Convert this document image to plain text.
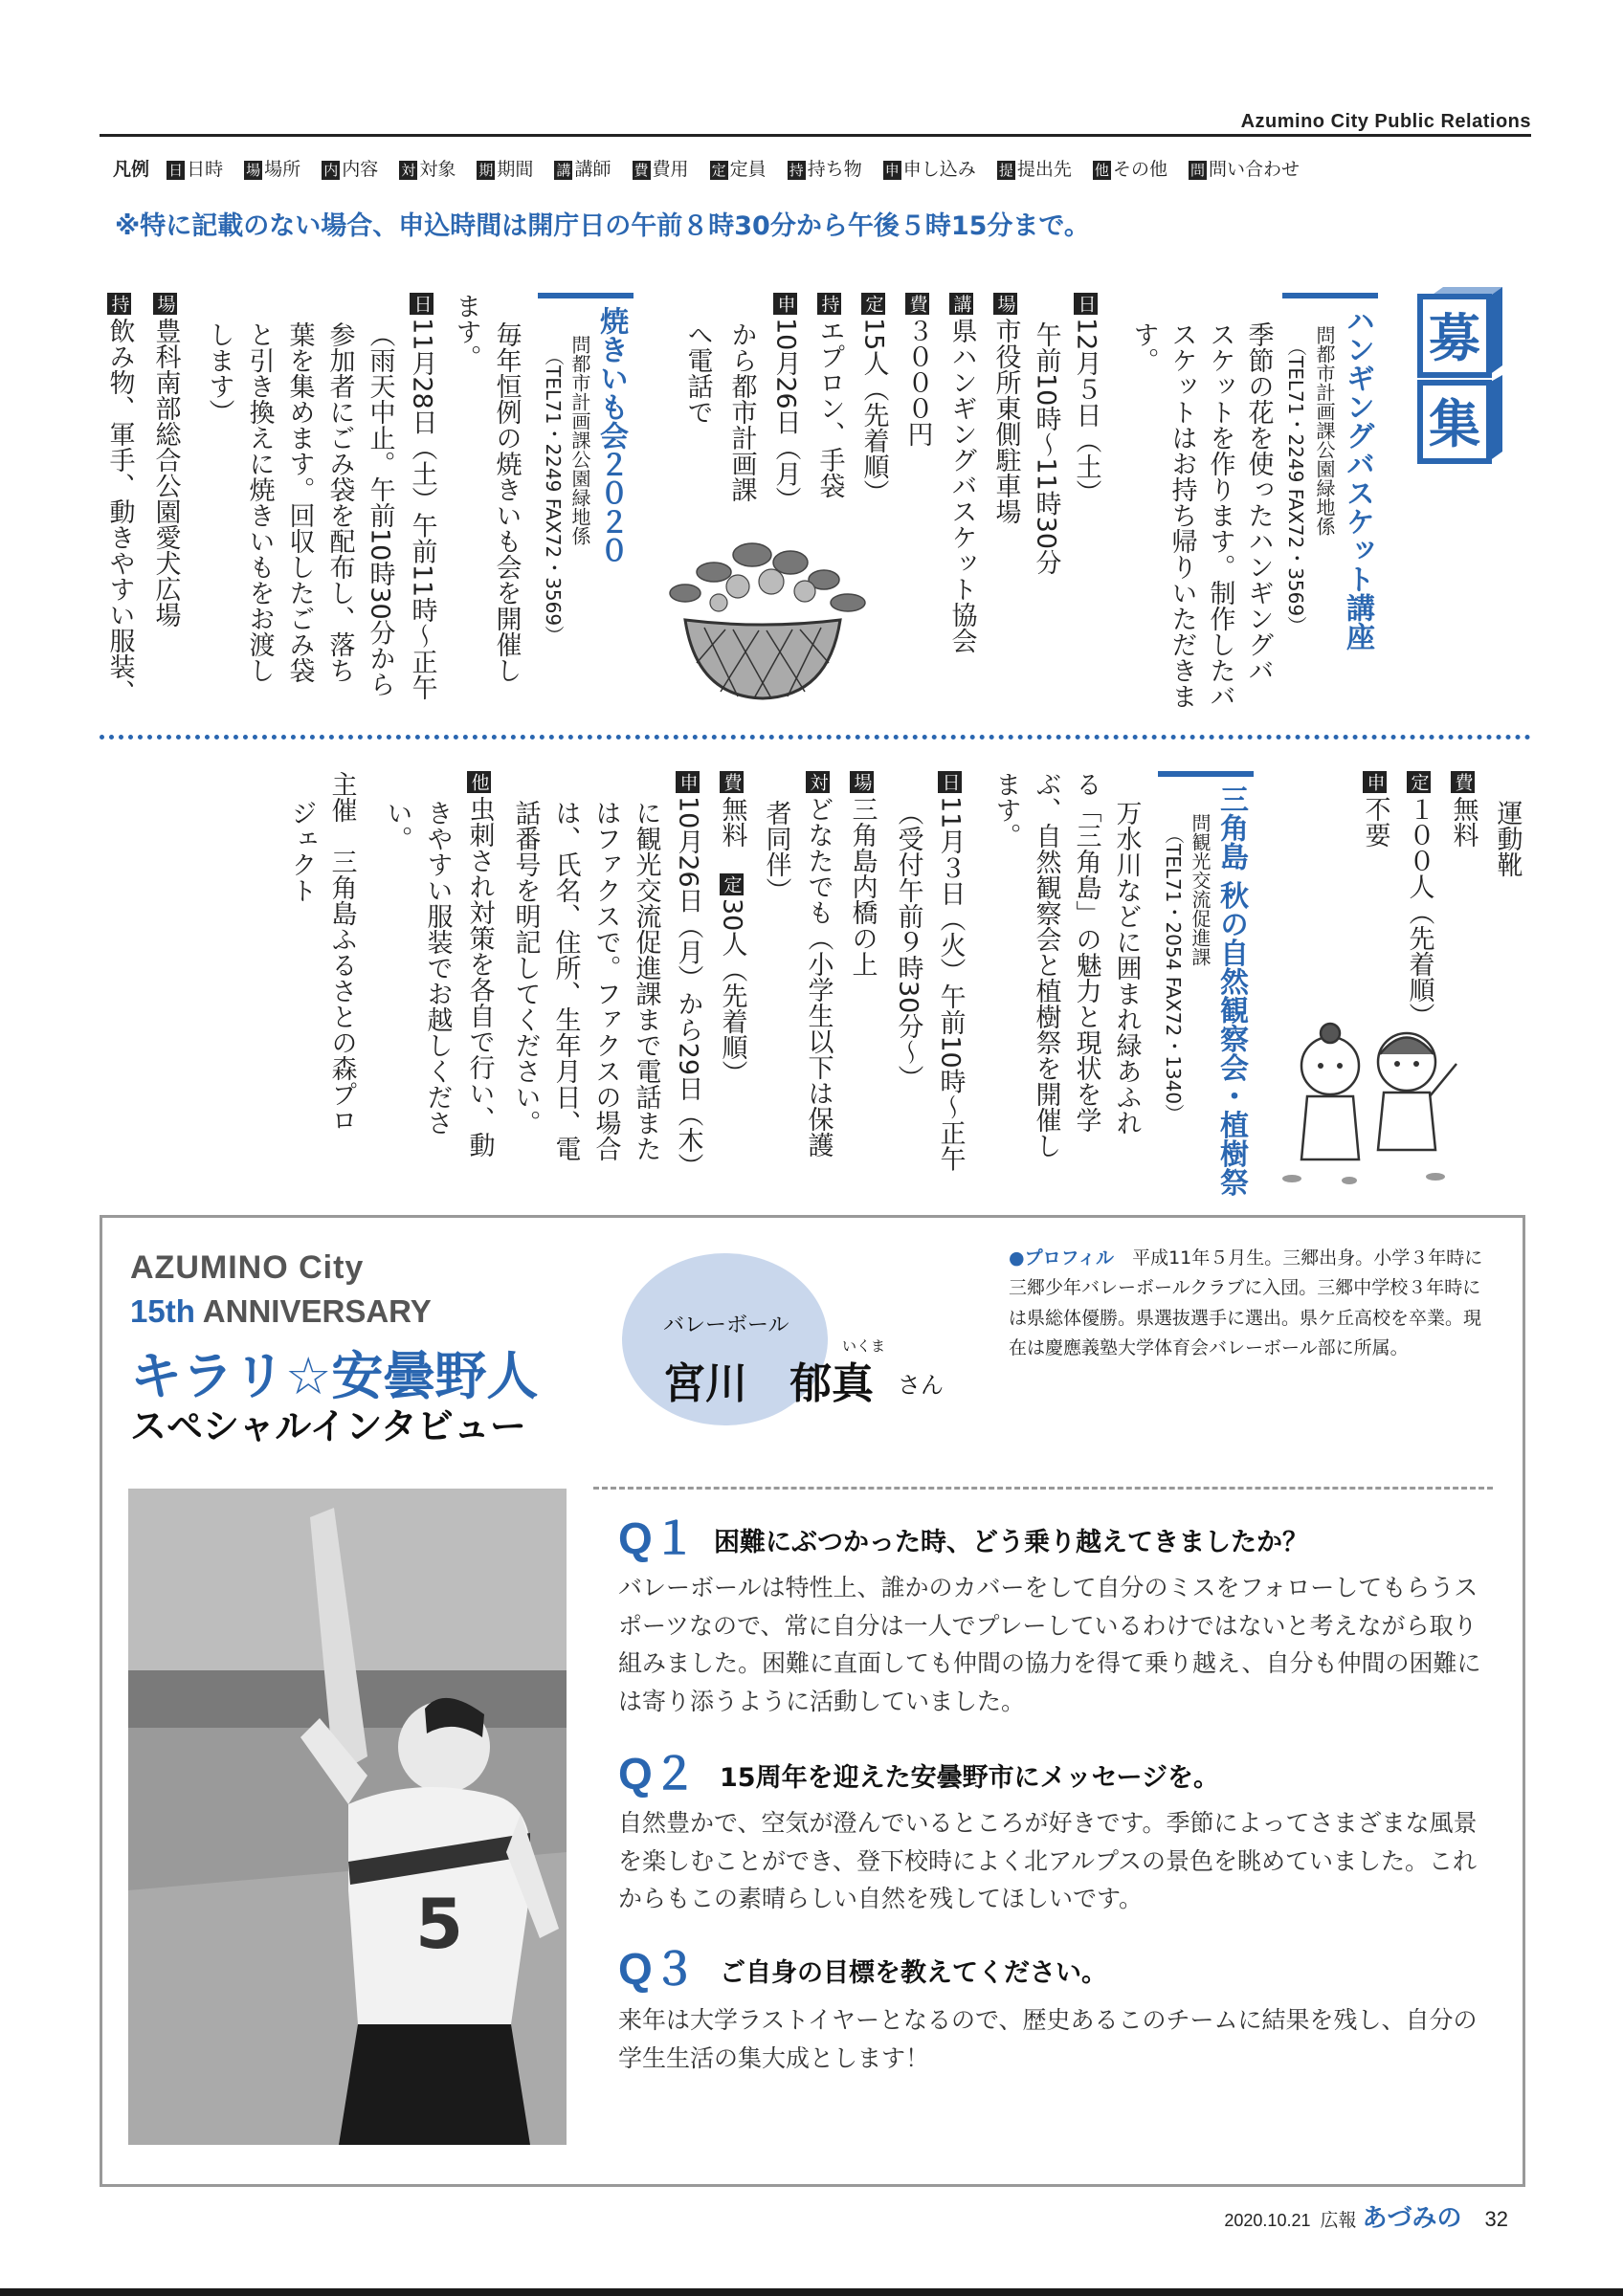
Azumino City Public Relations
凡例 日 日時 場 場所 内 内容 対 対象 期 期間 講 講師 費 費用 定 定員 持 持ち物 申 申し込み 提 提出先 他 その他 問 問い合わせ
※特に記載のない場合、申込時間は開庁日の午前８時30分から午後５時15分まで。
募
集
ハンギングバスケット講座
問都市計画課公園緑地係
（TEL71・2249 FAX72・3569）
季節の花を使ったハンギングバ
スケットを作ります。制作したバ
スケットはお持ち帰りいただきま
す。
日12月５日（土）
午前10時～11時30分
場市役所東側駐車場
講県ハンギングバスケット協会
費３０００円
定15人（先着順）
持エプロン、手袋
申10月26日（月）
から都市計画課
へ電話で
焼きいも会２０２０
問都市計画課公園緑地係
（TEL71・2249 FAX72・3569）
毎年恒例の焼きいも会を開催し
ます。
日11月28日（土）午前11時～正午
（雨天中止。午前10時30分から
参加者にごみ袋を配布し、落ち
葉を集めます。回収したごみ袋
と引き換えに焼きいもをお渡し
します）
場豊科南部総合公園愛犬広場
持飲み物、軍手、動きやすい服装、
運動靴
費無料
定１００人（先着順）
申不要
三角島 秋の自然観察会・植樹祭
問観光交流促進課
（TEL71・2054 FAX72・1340）
万水川などに囲まれ緑あふれ
る「三角島」の魅力と現状を学
ぶ、自然観察会と植樹祭を開催し
ます。
日11月３日（火）午前10時～正午
（受付午前９時30分～）
場三角島内橋の上
対どなたでも（小学生以下は保護
者同伴）
費無料　定30人（先着順）
申10月26日（月）から29日（木）
に観光交流促進課まで電話また
はファクスで。ファクスの場合
は、氏名、住所、生年月日、電
話番号を明記してください。
他虫刺され対策を各自で行い、動
きやすい服装でお越しくださ
い。
主催　三角島ふるさとの森プロ
ジェクト
AZUMINO City
15th ANNIVERSARY
キラリ☆安曇野人
スペシャルインタビュー
バレーボール
いくま
宮川　郁真 さん
●プロフィル　 平成11年５月生。三郷出身。小学３年時に三郷少年バレーボールクラブに入団。三郷中学校３年時には県総体優勝。県選抜選手に選出。県ケ丘高校を卒業。現在は慶應義塾大学体育会バレーボール部に所属。
5
Q１ 困難にぶつかった時、どう乗り越えてきましたか？
バレーボールは特性上、誰かのカバーをして自分のミスをフォローしてもらうスポーツなので、常に自分は一人でプレーしているわけではないと考えながら取り組みました。困難に直面しても仲間の協力を得て乗り越え、自分も仲間の困難には寄り添うように活動していました。
Q２ 15周年を迎えた安曇野市にメッセージを。
自然豊かで、空気が澄んでいるところが好きです。季節によってさまざまな風景を楽しむことができ、登下校時によく北アルプスの景色を眺めていました。これからもこの素晴らしい自然を残してほしいです。
Q３ ご自身の目標を教えてください。
来年は大学ラストイヤーとなるので、歴史あるこのチームに結果を残し、自分の学生生活の集大成とします！
2020.10.21 広報 あづみの 32
